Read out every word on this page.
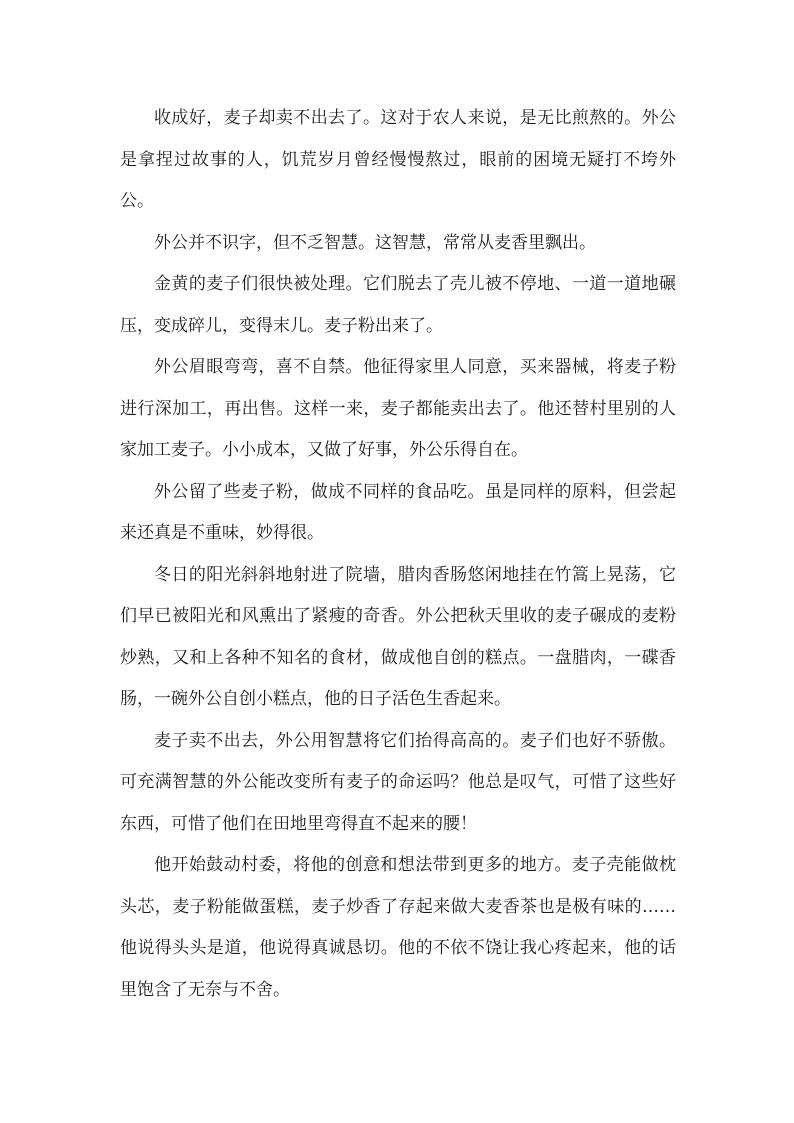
收成好，麦子却卖不出去了。这对于农人来说，是无比煎熬的。外公是拿捏过故事的人，饥荒岁月曾经慢慢熬过，眼前的困境无疑打不垮外公。

外公并不识字，但不乏智慧。这智慧，常常从麦香里飘出。

金黄的麦子们很快被处理。它们脱去了壳儿被不停地、一道一道地碾压，变成碎儿，变得末儿。麦子粉出来了。

外公眉眼弯弯，喜不自禁。他征得家里人同意，买来器械，将麦子粉进行深加工，再出售。这样一来，麦子都能卖出去了。他还替村里别的人家加工麦子。小小成本，又做了好事，外公乐得自在。

外公留了些麦子粉，做成不同样的食品吃。虽是同样的原料，但尝起来还真是不重味，妙得很。

冬日的阳光斜斜地射进了院墙，腊肉香肠悠闲地挂在竹篙上晃荡，它们早已被阳光和风熏出了紧瘦的奇香。外公把秋天里收的麦子碾成的麦粉炒熟，又和上各种不知名的食材，做成他自创的糕点。一盘腊肉，一碟香肠，一碗外公自创小糕点，他的日子活色生香起来。

麦子卖不出去，外公用智慧将它们抬得高高的。麦子们也好不骄傲。可充满智慧的外公能改变所有麦子的命运吗？他总是叹气，可惜了这些好东西，可惜了他们在田地里弯得直不起来的腰！

他开始鼓动村委，将他的创意和想法带到更多的地方。麦子壳能做枕头芯，麦子粉能做蛋糕，麦子炒香了存起来做大麦香茶也是极有味的……他说得头头是道，他说得真诚恳切。他的不依不饶让我心疼起来，他的话里饱含了无奈与不舍。
